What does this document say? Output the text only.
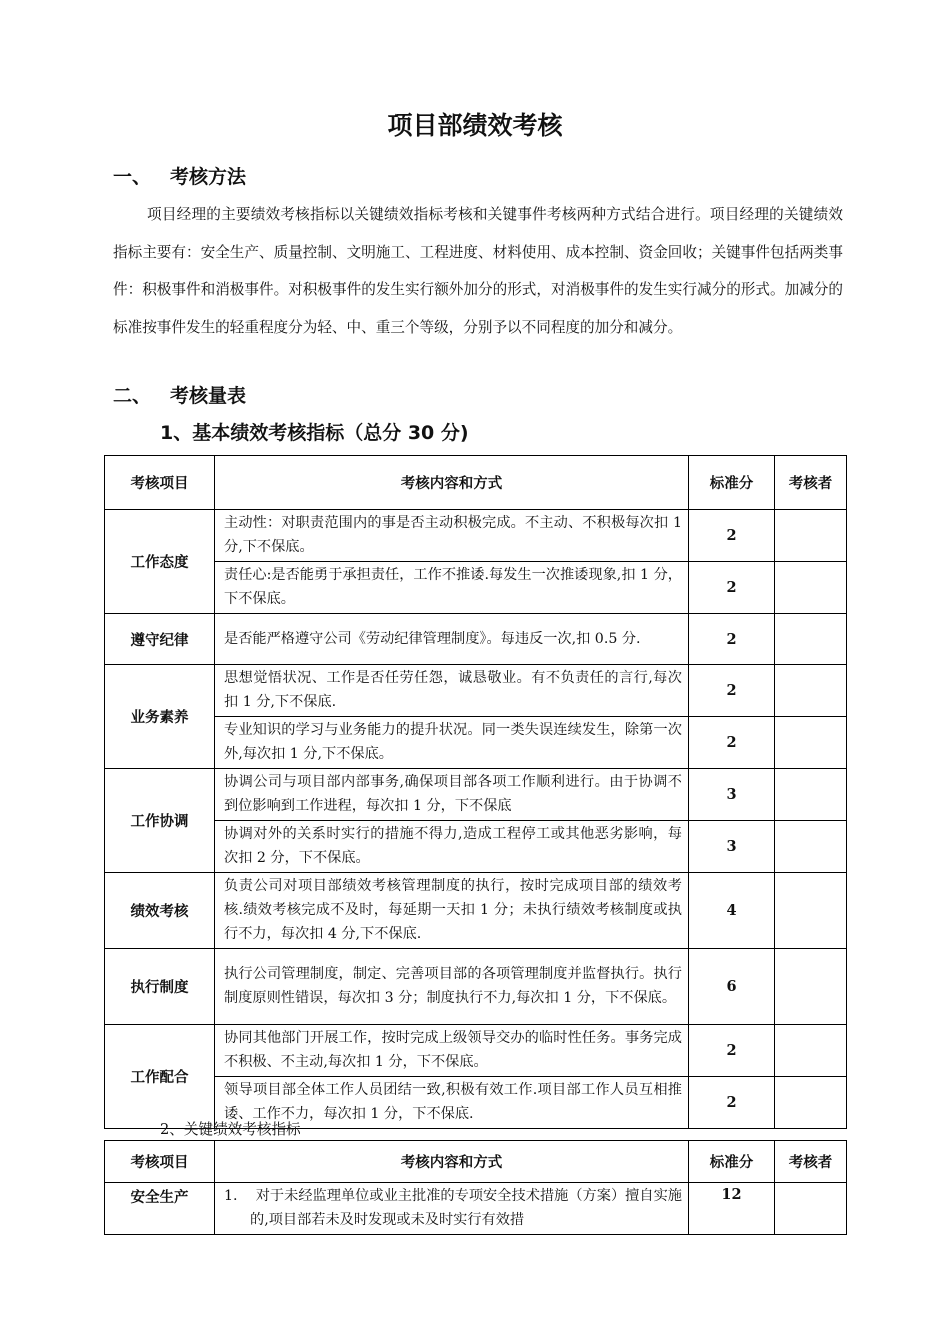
项目部绩效考核
一、 考核方法

项目经理的主要绩效考核指标以关键绩效指标考核和关键事件考核两种方式结合进行。项目经理的关键绩效指标主要有：安全生产、质量控制、文明施工、工程进度、材料使用、成本控制、资金回收；关键事件包括两类事件：积极事件和消极事件。对积极事件的发生实行额外加分的形式，对消极事件的发生实行减分的形式。加减分的标准按事件发生的轻重程度分为轻、中、重三个等级，分别予以不同程度的加分和减分。

二、 考核量表
1、基本绩效考核指标（总分 30 分)
考核项目	考核内容和方式	标准分	考核者
工作态度	主动性：对职责范围内的事是否主动积极完成。不主动、不积极每次扣 1 分,下不保底。	2	
	责任心:是否能勇于承担责任，工作不推诿.每发生一次推诿现象,扣 1 分，下不保底。	2	
遵守纪律	是否能严格遵守公司《劳动纪律管理制度》。每违反一次,扣 0.5 分.	2	
业务素养	思想觉悟状况、工作是否任劳任怨，诚恳敬业。有不负责任的言行,每次扣 1 分,下不保底.	2	
	专业知识的学习与业务能力的提升状况。同一类失误连续发生，除第一次外,每次扣 1 分,下不保底。	2	
工作协调	协调公司与项目部内部事务,确保项目部各项工作顺利进行。由于协调不到位影响到工作进程，每次扣 1 分，下不保底	3	
	协调对外的关系时实行的措施不得力,造成工程停工或其他恶劣影响，每次扣 2 分，下不保底。	3	
绩效考核	负责公司对项目部绩效考核管理制度的执行，按时完成项目部的绩效考核.绩效考核完成不及时，每延期一天扣 1 分；未执行绩效考核制度或执行不力，每次扣 4 分,下不保底.	4	
执行制度	执行公司管理制度，制定、完善项目部的各项管理制度并监督执行。执行制度原则性错误，每次扣 3 分；制度执行不力,每次扣 1 分，下不保底。	6	
工作配合	协同其他部门开展工作，按时完成上级领导交办的临时性任务。事务完成不积极、不主动,每次扣 1 分，下不保底。	2	
	领导项目部全体工作人员团结一致,积极有效工作.项目部工作人员互相推诿、工作不力，每次扣 1 分，下不保底.	2	
2、关键绩效考核指标
考核项目	考核内容和方式	标准分	考核者
安全生产	1. 对于未经监理单位或业主批准的专项安全技术措施（方案）擅自实施的,项目部若未及时发现或未及时实行有效措	12	
